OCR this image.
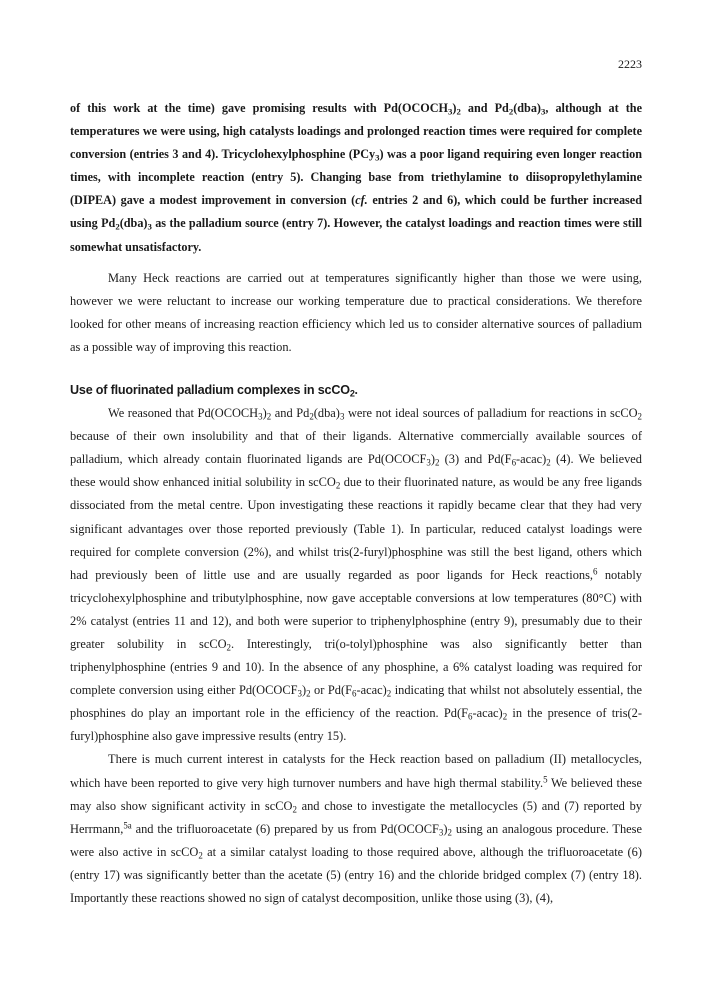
2223

of this work at the time) gave promising results with $Pd(OCOCH_3)_2$ and $Pd_2(dba)_3$, although at the temperatures we were using, high catalysts loadings and prolonged reaction times were required for complete conversion (entries 3 and 4). Tricyclohexylphosphine (PCy$_3$) was a poor ligand requiring even longer reaction times, with incomplete reaction (entry 5). Changing base from triethylamine to diisopropylethylamine (DIPEA) gave a modest improvement in conversion (cf. entries 2 and 6), which could be further increased using $Pd_2(dba)_3$ as the palladium source (entry 7). However, the catalyst loadings and reaction times were still somewhat unsatisfactory.

Many Heck reactions are carried out at temperatures significantly higher than those we were using, however we were reluctant to increase our working temperature due to practical considerations. We therefore looked for other means of increasing reaction efficiency which led us to consider alternative sources of palladium as a possible way of improving this reaction.

Use of fluorinated palladium complexes in scCO$_2$.

We reasoned that $Pd(OCOCH_3)_2$ and $Pd_2(dba)_3$ were not ideal sources of palladium for reactions in scCO$_2$ because of their own insolubility and that of their ligands. Alternative commercially available sources of palladium, which already contain fluorinated ligands are $Pd(OCOCF_3)_2$ (3) and $Pd(F_6-acac)_2$ (4). We believed these would show enhanced initial solubility in scCO$_2$ due to their fluorinated nature, as would be any free ligands dissociated from the metal centre. Upon investigating these reactions it rapidly became clear that they had very significant advantages over those reported previously (Table 1). In particular, reduced catalyst loadings were required for complete conversion (2%), and whilst tris(2-furyl)phosphine was still the best ligand, others which had previously been of little use and are usually regarded as poor ligands for Heck reactions,$^6$ notably tricyclohexylphosphine and tributylphosphine, now gave acceptable conversions at low temperatures (80°C) with 2% catalyst (entries 11 and 12), and both were superior to triphenylphosphine (entry 9), presumably due to their greater solubility in scCO$_2$. Interestingly, tri(o-tolyl)phosphine was also significantly better than triphenylphosphine (entries 9 and 10). In the absence of any phosphine, a 6% catalyst loading was required for complete conversion using either $Pd(OCOCF_3)_2$ or $Pd(F_6-acac)_2$ indicating that whilst not absolutely essential, the phosphines do play an important role in the efficiency of the reaction. $Pd(F_6-acac)_2$ in the presence of tris(2-furyl)phosphine also gave impressive results (entry 15).

There is much current interest in catalysts for the Heck reaction based on palladium (II) metallocycles, which have been reported to give very high turnover numbers and have high thermal stability.$^5$ We believed these may also show significant activity in scCO$_2$ and chose to investigate the metallocycles (5) and (7) reported by Herrmann,$^{5a}$ and the trifluoroacetate (6) prepared by us from $Pd(OCOCF_3)_2$ using an analogous procedure. These were also active in scCO$_2$ at a similar catalyst loading to those required above, although the trifluoroacetate (6) (entry 17) was significantly better than the acetate (5) (entry 16) and the chloride bridged complex (7) (entry 18). Importantly these reactions showed no sign of catalyst decomposition, unlike those using (3), (4),
